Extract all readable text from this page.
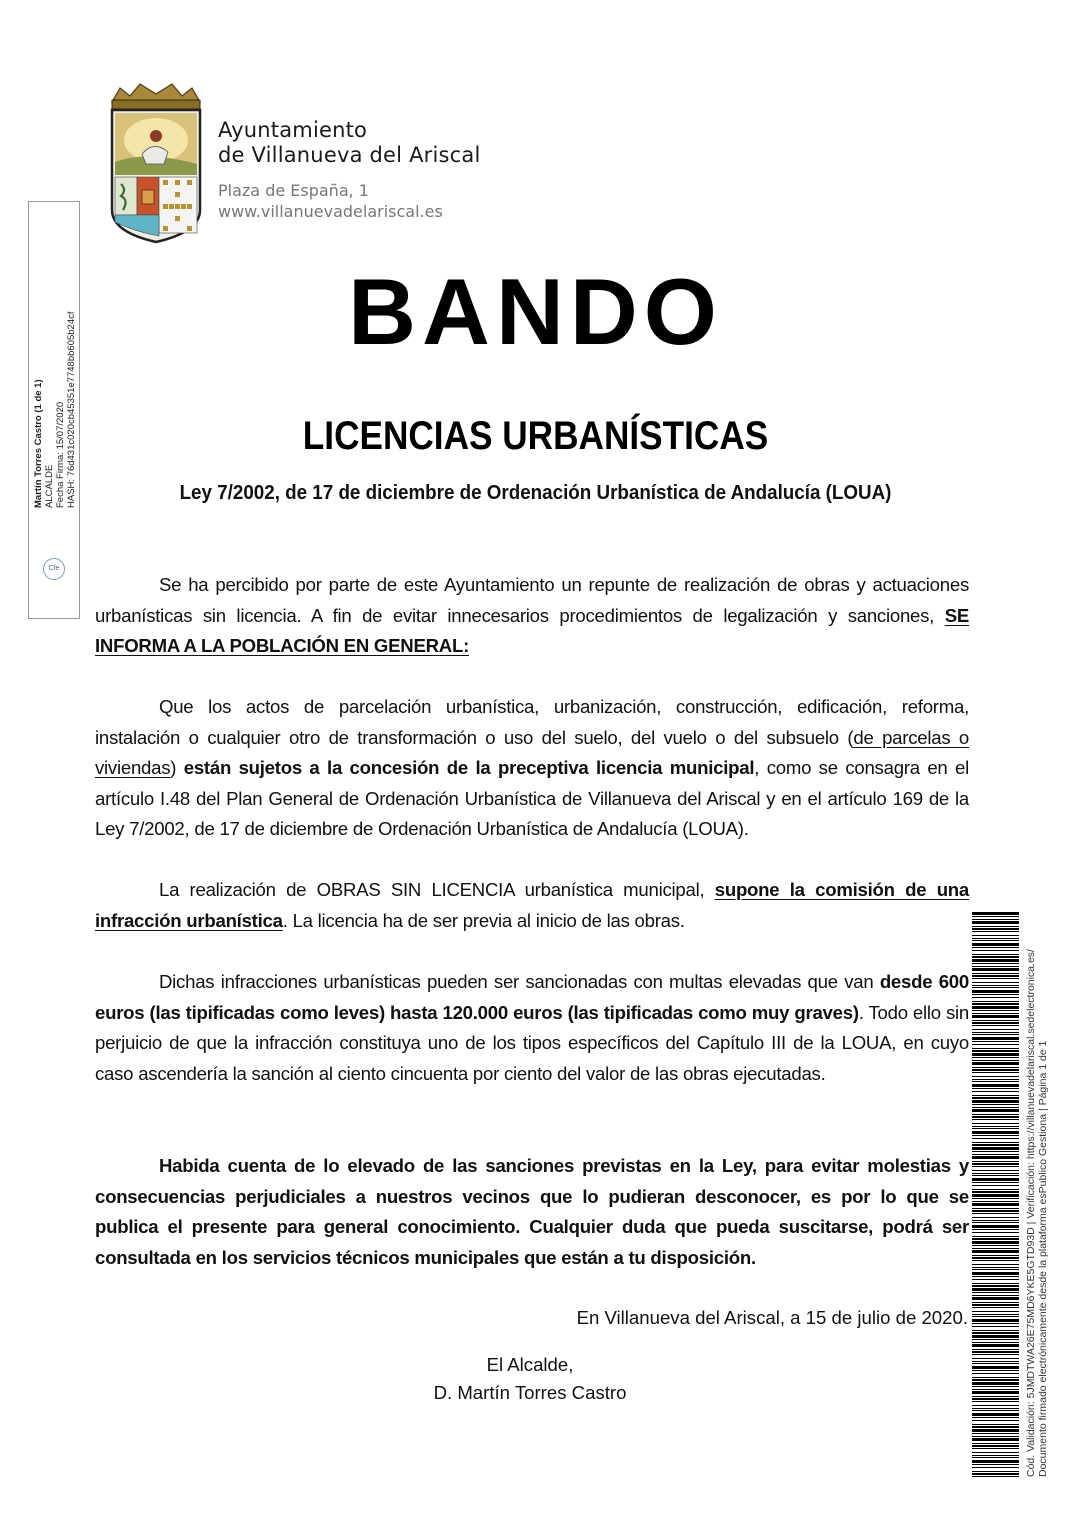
Ayuntamiento
de Villanueva del Ariscal
Plaza de España, 1
www.villanuevadelariscal.es
BANDO
LICENCIAS URBANÍSTICAS
Ley 7/2002, de 17 de diciembre de Ordenación Urbanística de Andalucía (LOUA)

Se ha percibido por parte de este Ayuntamiento un repunte de realización de obras y actuaciones urbanísticas sin licencia. A fin de evitar innecesarios procedimientos de legalización y sanciones, SE INFORMA A LA POBLACIÓN EN GENERAL:

Que los actos de parcelación urbanística, urbanización, construcción, edificación, reforma, instalación o cualquier otro de transformación o uso del suelo, del vuelo o del subsuelo (de parcelas o viviendas) están sujetos a la concesión de la preceptiva licencia municipal, como se consagra en el artículo I.48 del Plan General de Ordenación Urbanística de Villanueva del Ariscal y en el artículo 169 de la Ley 7/2002, de 17 de diciembre de Ordenación Urbanística de Andalucía (LOUA).

La realización de OBRAS SIN LICENCIA urbanística municipal, supone la comisión de una infracción urbanística. La licencia ha de ser previa al inicio de las obras.

Dichas infracciones urbanísticas pueden ser sancionadas con multas elevadas que van desde 600 euros (las tipificadas como leves) hasta 120.000 euros (las tipificadas como muy graves). Todo ello sin perjuicio de que la infracción constituya uno de los tipos específicos del Capítulo III de la LOUA, en cuyo caso ascendería la sanción al ciento cincuenta por ciento del valor de las obras ejecutadas.

Habida cuenta de lo elevado de las sanciones previstas en la Ley, para evitar molestias y consecuencias perjudiciales a nuestros vecinos que lo pudieran desconocer, es por lo que se publica el presente para general conocimiento. Cualquier duda que pueda suscitarse, podrá ser consultada en los servicios técnicos municipales que están a tu disposición.

En Villanueva del Ariscal, a 15 de julio de 2020.
El Alcalde,
D. Martín Torres Castro
Martín Torres Castro (1 de 1) ALCALDE Fecha Firma: 15/07/2020 HASH: 76d431c020cb45351e7748bb605b24cf
Cfe
Cód. Validación: 5JMDTWA26E75MD6YKE5GTD93D | Verificación: https://villanuevadelariscal.sedelectronica.es/ Documento firmado electrónicamente desde la plataforma esPublico Gestiona | Página 1 de 1
